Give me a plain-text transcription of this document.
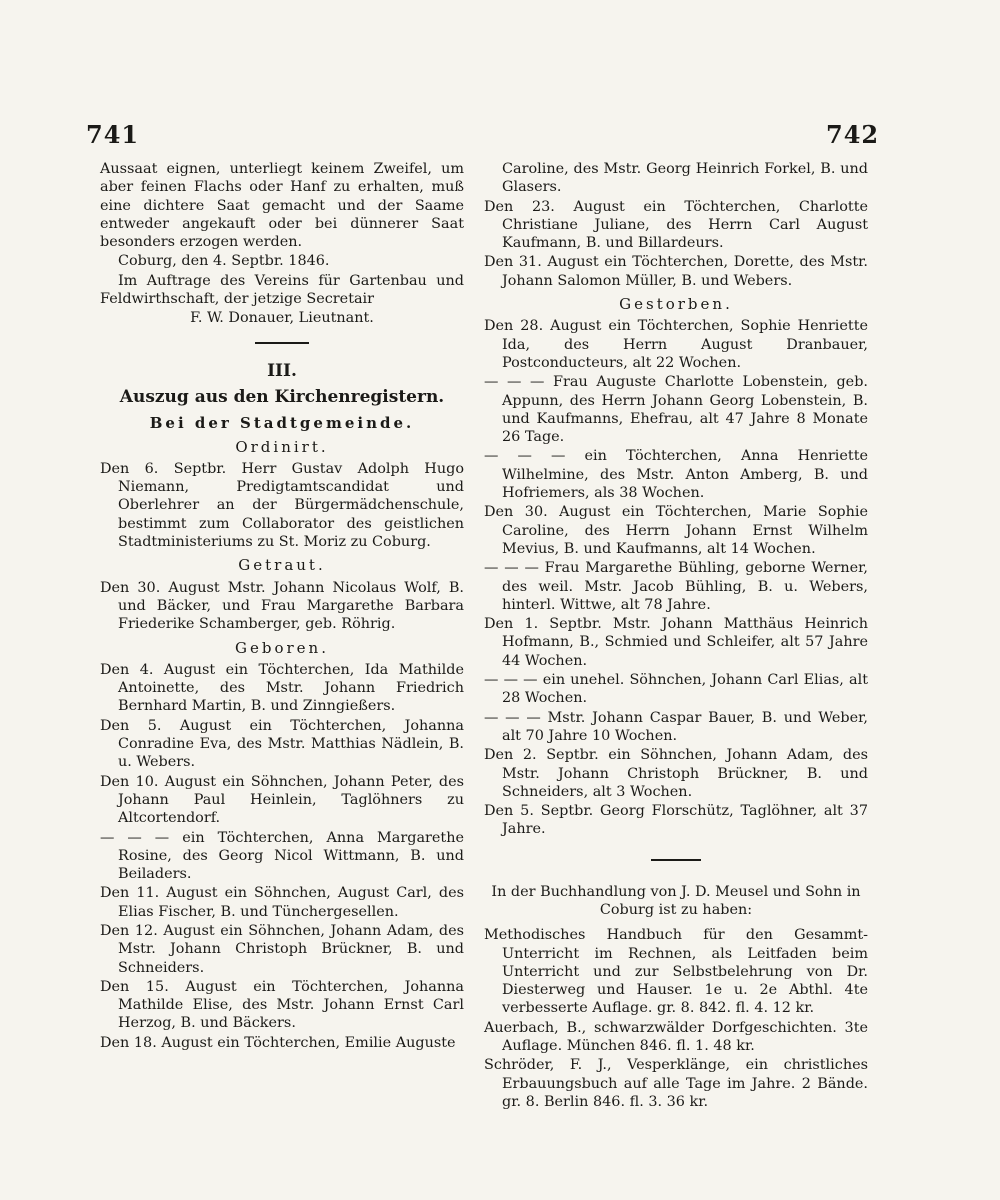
741	742

Aussaat eignen, unterliegt keinem Zweifel, um aber feinen Flachs oder Hanf zu erhalten, muß eine dichtere Saat gemacht und der Saame entweder angekauft oder bei dünnerer Saat besonders erzogen werden.

Coburg, den 4. Septbr. 1846.

Im Auftrage des Vereins für Gartenbau und Feldwirthschaft, der jetzige Secretair

F. W. Donauer, Lieutnant.

III.
Auszug aus den Kirchenregistern.
Bei der Stadtgemeinde.
Ordinirt.

Den 6. Septbr. Herr Gustav Adolph Hugo Niemann, Predigtamtscandidat und Oberlehrer an der Bürgermädchenschule, bestimmt zum Collaborator des geistlichen Stadtministeriums zu St. Moriz zu Coburg.

Getraut.

Den 30. August Mstr. Johann Nicolaus Wolf, B. und Bäcker, und Frau Margarethe Barbara Friederike Schamberger, geb. Röhrig.

Geboren.

Den 4. August ein Töchterchen, Ida Mathilde Antoinette, des Mstr. Johann Friedrich Bernhard Martin, B. und Zinngießers.

Den 5. August ein Töchterchen, Johanna Conradine Eva, des Mstr. Matthias Nädlein, B. u. Webers.

Den 10. August ein Söhnchen, Johann Peter, des Johann Paul Heinlein, Taglöhners zu Altcortendorf.

— — — ein Töchterchen, Anna Margarethe Rosine, des Georg Nicol Wittmann, B. und Beiladers.

Den 11. August ein Söhnchen, August Carl, des Elias Fischer, B. und Tünchergesellen.

Den 12. August ein Söhnchen, Johann Adam, des Mstr. Johann Christoph Brückner, B. und Schneiders.

Den 15. August ein Töchterchen, Johanna Mathilde Elise, des Mstr. Johann Ernst Carl Herzog, B. und Bäckers.

Den 18. August ein Töchterchen, Emilie Auguste

Caroline, des Mstr. Georg Heinrich Forkel, B. und Glasers.

Den 23. August ein Töchterchen, Charlotte Christiane Juliane, des Herrn Carl August Kaufmann, B. und Billardeurs.

Den 31. August ein Töchterchen, Dorette, des Mstr. Johann Salomon Müller, B. und Webers.

Gestorben.

Den 28. August ein Töchterchen, Sophie Henriette Ida, des Herrn August Dranbauer, Postconducteurs, alt 22 Wochen.

— — — Frau Auguste Charlotte Lobenstein, geb. Appunn, des Herrn Johann Georg Lobenstein, B. und Kaufmanns, Ehefrau, alt 47 Jahre 8 Monate 26 Tage.

— — — ein Töchterchen, Anna Henriette Wilhelmine, des Mstr. Anton Amberg, B. und Hofriemers, als 38 Wochen.

Den 30. August ein Töchterchen, Marie Sophie Caroline, des Herrn Johann Ernst Wilhelm Mevius, B. und Kaufmanns, alt 14 Wochen.

— — — Frau Margarethe Bühling, geborne Werner, des weil. Mstr. Jacob Bühling, B. u. Webers, hinterl. Wittwe, alt 78 Jahre.

Den 1. Septbr. Mstr. Johann Matthäus Heinrich Hofmann, B., Schmied und Schleifer, alt 57 Jahre 44 Wochen.

— — — ein unehel. Söhnchen, Johann Carl Elias, alt 28 Wochen.

— — — Mstr. Johann Caspar Bauer, B. und Weber, alt 70 Jahre 10 Wochen.

Den 2. Septbr. ein Söhnchen, Johann Adam, des Mstr. Johann Christoph Brückner, B. und Schneiders, alt 3 Wochen.

Den 5. Septbr. Georg Florschütz, Taglöhner, alt 37 Jahre.

In der Buchhandlung von J. D. Meusel und Sohn in Coburg ist zu haben:

Methodisches Handbuch für den Gesammt-Unterricht im Rechnen, als Leitfaden beim Unterricht und zur Selbstbelehrung von Dr. Diesterweg und Hauser. 1e u. 2e Abthl. 4te verbesserte Auflage. gr. 8. 842. fl. 4. 12 kr.

Auerbach, B., schwarzwälder Dorfgeschichten. 3te Auflage. München 846. fl. 1. 48 kr.

Schröder, F. J., Vesperklänge, ein christliches Erbauungsbuch auf alle Tage im Jahre. 2 Bände. gr. 8. Berlin 846. fl. 3. 36 kr.
